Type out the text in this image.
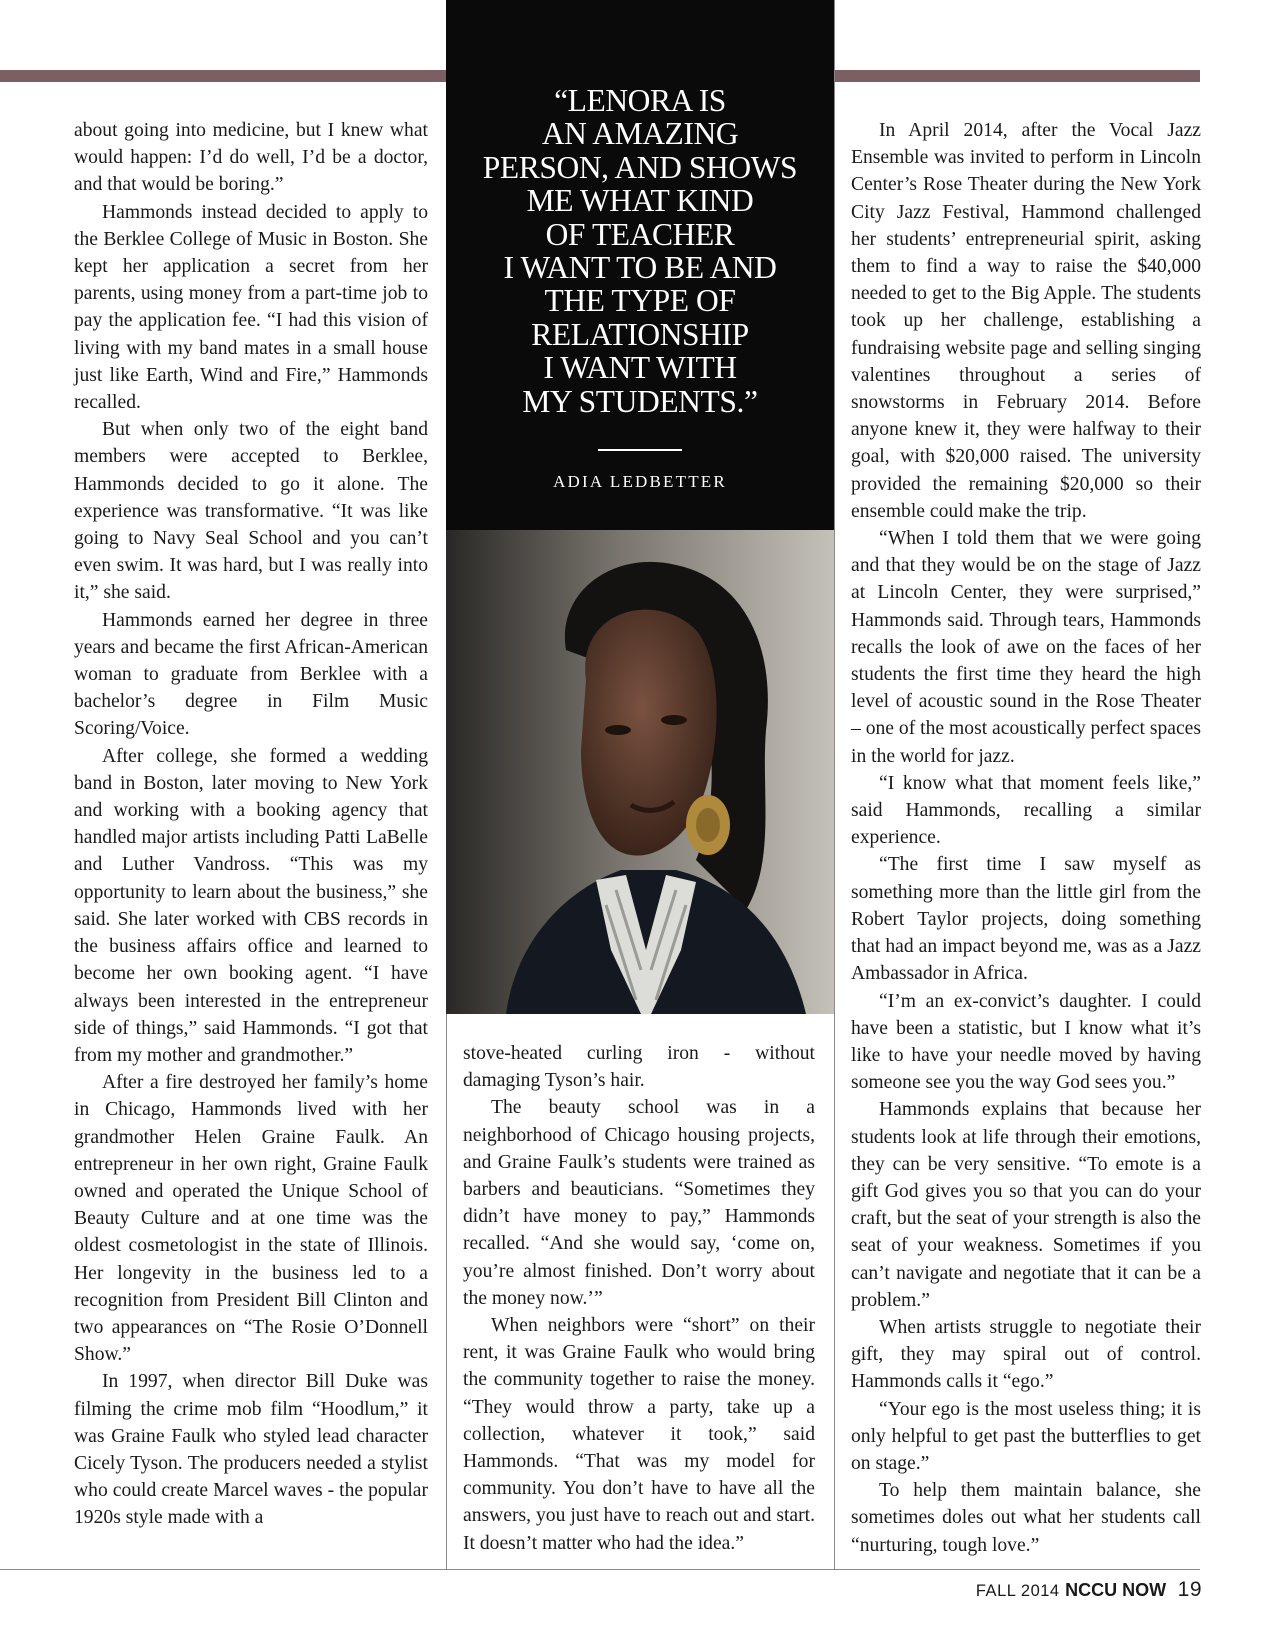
about going into medicine, but I knew what would happen: I’d do well, I’d be a doctor, and that would be boring.”

Hammonds instead decided to apply to the Berklee College of Music in Boston. She kept her application a secret from her parents, using money from a part-time job to pay the application fee. “I had this vision of living with my band mates in a small house just like Earth, Wind and Fire,” Hammonds recalled.

But when only two of the eight band members were accepted to Berklee, Hammonds decided to go it alone. The experience was transformative. “It was like going to Navy Seal School and you can’t even swim. It was hard, but I was really into it,” she said.

Hammonds earned her degree in three years and became the first African-American woman to graduate from Berklee with a bachelor’s degree in Film Music Scoring/Voice.

After college, she formed a wedding band in Boston, later moving to New York and working with a booking agency that handled major artists including Patti LaBelle and Luther Vandross. “This was my opportunity to learn about the business,” she said. She later worked with CBS records in the business affairs office and learned to become her own booking agent. “I have always been interested in the entrepreneur side of things,” said Hammonds. “I got that from my mother and grandmother.”

After a fire destroyed her family’s home in Chicago, Hammonds lived with her grandmother Helen Graine Faulk. An entrepreneur in her own right, Graine Faulk owned and operated the Unique School of Beauty Culture and at one time was the oldest cosmetologist in the state of Illinois. Her longevity in the business led to a recognition from President Bill Clinton and two appearances on “The Rosie O’Donnell Show.”

In 1997, when director Bill Duke was filming the crime mob film “Hoodlum,” it was Graine Faulk who styled lead character Cicely Tyson. The producers needed a stylist who could create Marcel waves - the popular 1920s style made with a

“LENORA IS
AN AMAZING
PERSON, AND SHOWS
ME WHAT KIND
OF TEACHER
I WANT TO BE AND
THE TYPE OF
RELATIONSHIP
I WANT WITH
MY STUDENTS.”
ADIA LEDBETTER

stove-heated curling iron - without damaging Tyson’s hair.

The beauty school was in a neighborhood of Chicago housing projects, and Graine Faulk’s students were trained as barbers and beauticians. “Sometimes they didn’t have money to pay,” Hammonds recalled. “And she would say, ‘come on, you’re almost finished. Don’t worry about the money now.’”

When neighbors were “short” on their rent, it was Graine Faulk who would bring the community together to raise the money. “They would throw a party, take up a collection, whatever it took,” said Hammonds. “That was my model for community. You don’t have to have all the answers, you just have to reach out and start. It doesn’t matter who had the idea.”

In April 2014, after the Vocal Jazz Ensemble was invited to perform in Lincoln Center’s Rose Theater during the New York City Jazz Festival, Hammond challenged her students’ entrepreneurial spirit, asking them to find a way to raise the $40,000 needed to get to the Big Apple. The students took up her challenge, establishing a fundraising website page and selling singing valentines throughout a series of snowstorms in February 2014. Before anyone knew it, they were halfway to their goal, with $20,000 raised. The university provided the remaining $20,000 so their ensemble could make the trip.

“When I told them that we were going and that they would be on the stage of Jazz at Lincoln Center, they were surprised,” Hammonds said. Through tears, Hammonds recalls the look of awe on the faces of her students the first time they heard the high level of acoustic sound in the Rose Theater – one of the most acoustically perfect spaces in the world for jazz.

“I know what that moment feels like,” said Hammonds, recalling a similar experience.

“The first time I saw myself as something more than the little girl from the Robert Taylor projects, doing something that had an impact beyond me, was as a Jazz Ambassador in Africa.

“I’m an ex-convict’s daughter. I could have been a statistic, but I know what it’s like to have your needle moved by having someone see you the way God sees you.”

Hammonds explains that because her students look at life through their emotions, they can be very sensitive. “To emote is a gift God gives you so that you can do your craft, but the seat of your strength is also the seat of your weakness. Sometimes if you can’t navigate and negotiate that it can be a problem.”

When artists struggle to negotiate their gift, they may spiral out of control. Hammonds calls it “ego.”

“Your ego is the most useless thing; it is only helpful to get past the butterflies to get on stage.”

To help them maintain balance, she sometimes doles out what her students call “nurturing, tough love.”

FALL 2014 NCCU NOW 19
